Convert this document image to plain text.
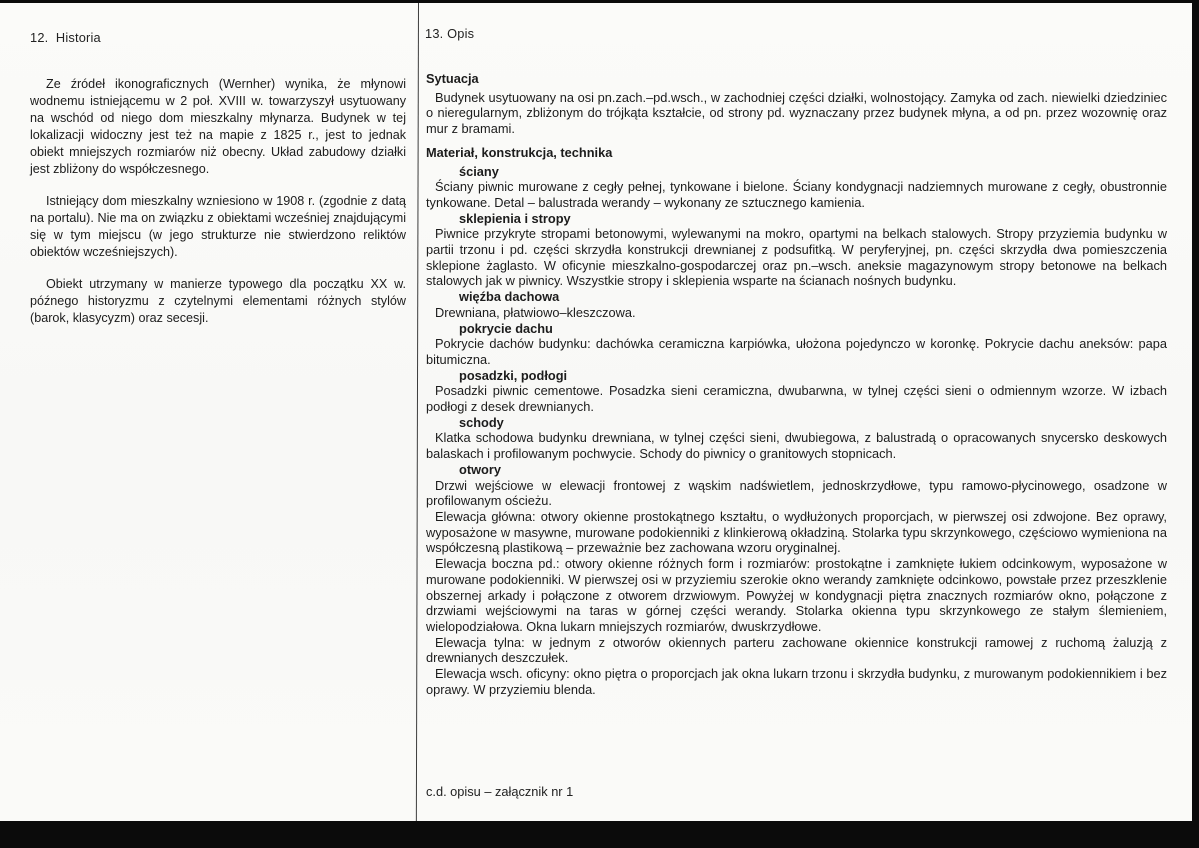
12.  Historia

Ze źródeł ikonograficznych (Wernher) wynika, że młynowi wodnemu istniejącemu w 2 poł. XVIII w. towarzyszył usytuowany na wschód od niego dom mieszkalny młynarza. Budynek w tej lokalizacji widoczny jest też na mapie z 1825 r., jest to jednak obiekt mniejszych rozmiarów niż obecny. Układ zabudowy działki jest zbliżony do współczesnego.

Istniejący dom mieszkalny wzniesiono w 1908 r. (zgodnie z datą na portalu). Nie ma on związku z obiektami wcześniej znajdującymi się w tym miejscu (w jego strukturze nie stwierdzono reliktów obiektów wcześniejszych).

Obiekt utrzymany w manierze typowego dla początku XX w. późnego historyzmu z czytelnymi elementami różnych stylów (barok, klasycyzm) oraz secesji.

13. Opis

Sytuacja

Budynek usytuowany na osi pn.zach.–pd.wsch., w zachodniej części działki, wolnostojący. Zamyka od zach. niewielki dziedziniec o nieregularnym, zbliżonym do trójkąta kształcie, od strony pd. wyznaczany przez budynek młyna, a od pn. przez wozownię oraz mur z bramami.

Materiał, konstrukcja, technika

ściany

Ściany piwnic murowane z cegły pełnej, tynkowane i bielone. Ściany kondygnacji nadziemnych murowane z cegły, obustronnie tynkowane. Detal – balustrada werandy – wykonany ze sztucznego kamienia.

sklepienia i stropy

Piwnice przykryte stropami betonowymi, wylewanymi na mokro, opartymi na belkach stalowych. Stropy przyziemia budynku w partii trzonu i pd. części skrzydła konstrukcji drewnianej z podsufitką. W peryferyjnej, pn. części skrzydła dwa pomieszczenia sklepione żaglasto. W oficynie mieszkalno-gospodarczej oraz pn.–wsch. aneksie magazynowym stropy betonowe na belkach stalowych jak w piwnicy. Wszystkie stropy i sklepienia wsparte na ścianach nośnych budynku.

więźba dachowa

Drewniana, płatwiowo–kleszczowa.

pokrycie dachu

Pokrycie dachów budynku: dachówka ceramiczna karpiówka, ułożona pojedynczo w koronkę. Pokrycie dachu aneksów: papa bitumiczna.

posadzki, podłogi

Posadzki piwnic cementowe. Posadzka sieni ceramiczna, dwubarwna, w tylnej części sieni o odmiennym wzorze. W izbach podłogi z desek drewnianych.

schody

Klatka schodowa budynku drewniana, w tylnej części sieni, dwubiegowa, z balustradą o opracowanych snycersko deskowych balaskach i profilowanym pochwycie. Schody do piwnicy o granitowych stopnicach.

otwory

Drzwi wejściowe w elewacji frontowej z wąskim nadświetlem, jednoskrzydłowe, typu ramowo-płycinowego, osadzone w profilowanym ościeżu.

Elewacja główna: otwory okienne prostokątnego kształtu, o wydłużonych proporcjach, w pierwszej osi zdwojone. Bez oprawy, wyposażone w masywne, murowane podokienniki z klinkierową okładziną. Stolarka typu skrzynkowego, częściowo wymieniona na współczesną plastikową – przeważnie bez zachowana wzoru oryginalnej.

Elewacja boczna pd.: otwory okienne różnych form i rozmiarów: prostokątne i zamknięte łukiem odcinkowym, wyposażone w murowane podokienniki. W pierwszej osi w przyziemiu szerokie okno werandy zamknięte odcinkowo, powstałe przez przeszklenie obszernej arkady i połączone z otworem drzwiowym. Powyżej w kondygnacji piętra znacznych rozmiarów okno, połączone z drzwiami wejściowymi na taras w górnej części werandy. Stolarka okienna typu skrzynkowego ze stałym ślemieniem, wielopodziałowa. Okna lukarn mniejszych rozmiarów, dwuskrzydłowe.

Elewacja tylna: w jednym z otworów okiennych parteru zachowane okiennice konstrukcji ramowej z ruchomą żaluzją z drewnianych deszczułek.

Elewacja wsch. oficyny: okno piętra o proporcjach jak okna lukarn trzonu i skrzydła budynku, z murowanym podokiennikiem i bez oprawy. W przyziemiu blenda.

c.d. opisu – załącznik nr 1
